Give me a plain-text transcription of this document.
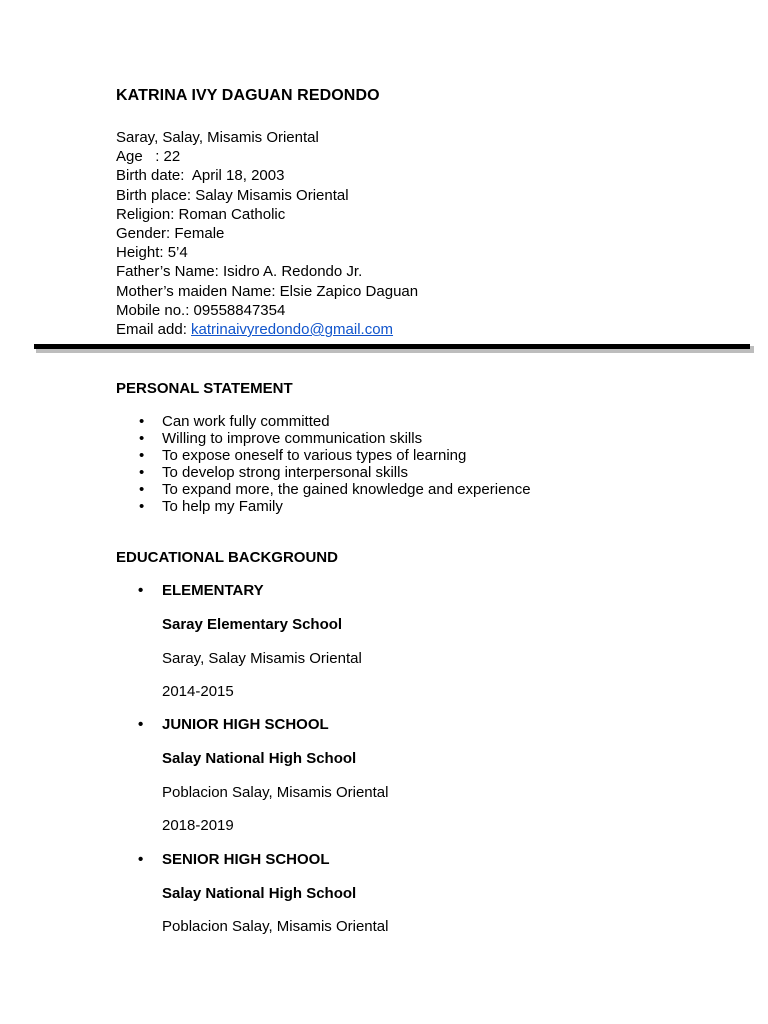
KATRINA IVY DAGUAN REDONDO
Saray, Salay, Misamis Oriental
Age   : 22
Birth date:  April 18, 2003
Birth place: Salay Misamis Oriental
Religion: Roman Catholic
Gender: Female
Height: 5’4
Father’s Name: Isidro A. Redondo Jr.
Mother’s maiden Name: Elsie Zapico Daguan
Mobile no.: 09558847354
Email add: katrinaivyredondo@gmail.com
PERSONAL STATEMENT
• Can work fully committed
• Willing to improve communication skills
• To expose oneself to various types of learning
• To develop strong interpersonal skills
• To expand more, the gained knowledge and experience
• To help my Family
EDUCATIONAL BACKGROUND
• ELEMENTARY
Saray Elementary School
Saray, Salay Misamis Oriental
2014-2015
• JUNIOR HIGH SCHOOL
Salay National High School
Poblacion Salay, Misamis Oriental
2018-2019
• SENIOR HIGH SCHOOL
Salay National High School
Poblacion Salay, Misamis Oriental
